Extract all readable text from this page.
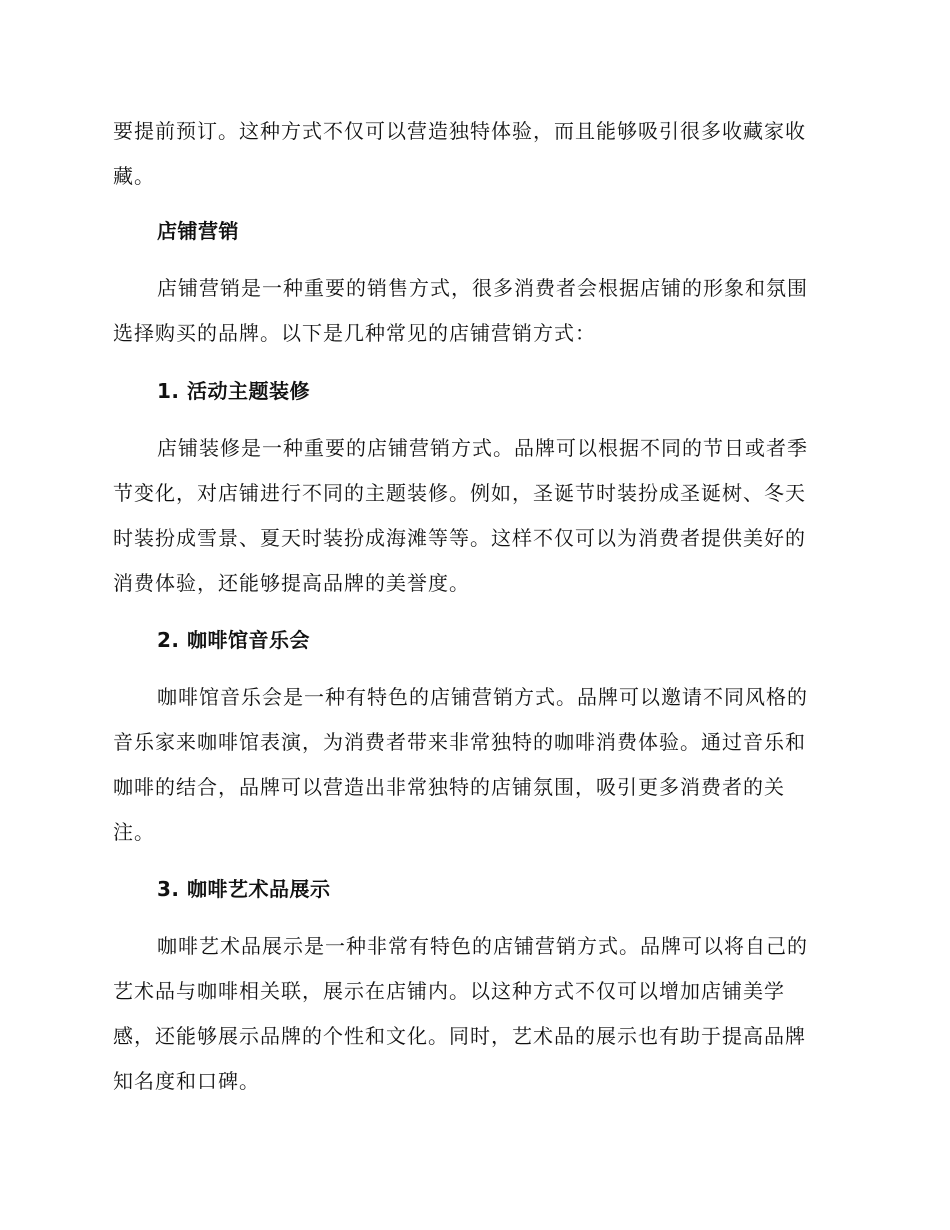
要提前预订。这种方式不仅可以营造独特体验，而且能够吸引很多收藏家收
藏。

店铺营销

店铺营销是一种重要的销售方式，很多消费者会根据店铺的形象和氛围
选择购买的品牌。以下是几种常见的店铺营销方式：

1. 活动主题装修

店铺装修是一种重要的店铺营销方式。品牌可以根据不同的节日或者季
节变化，对店铺进行不同的主题装修。例如，圣诞节时装扮成圣诞树、冬天
时装扮成雪景、夏天时装扮成海滩等等。这样不仅可以为消费者提供美好的
消费体验，还能够提高品牌的美誉度。

2. 咖啡馆音乐会

咖啡馆音乐会是一种有特色的店铺营销方式。品牌可以邀请不同风格的
音乐家来咖啡馆表演，为消费者带来非常独特的咖啡消费体验。通过音乐和
咖啡的结合，品牌可以营造出非常独特的店铺氛围，吸引更多消费者的关
注。

3. 咖啡艺术品展示

咖啡艺术品展示是一种非常有特色的店铺营销方式。品牌可以将自己的
艺术品与咖啡相关联，展示在店铺内。以这种方式不仅可以增加店铺美学
感，还能够展示品牌的个性和文化。同时，艺术品的展示也有助于提高品牌
知名度和口碑。
